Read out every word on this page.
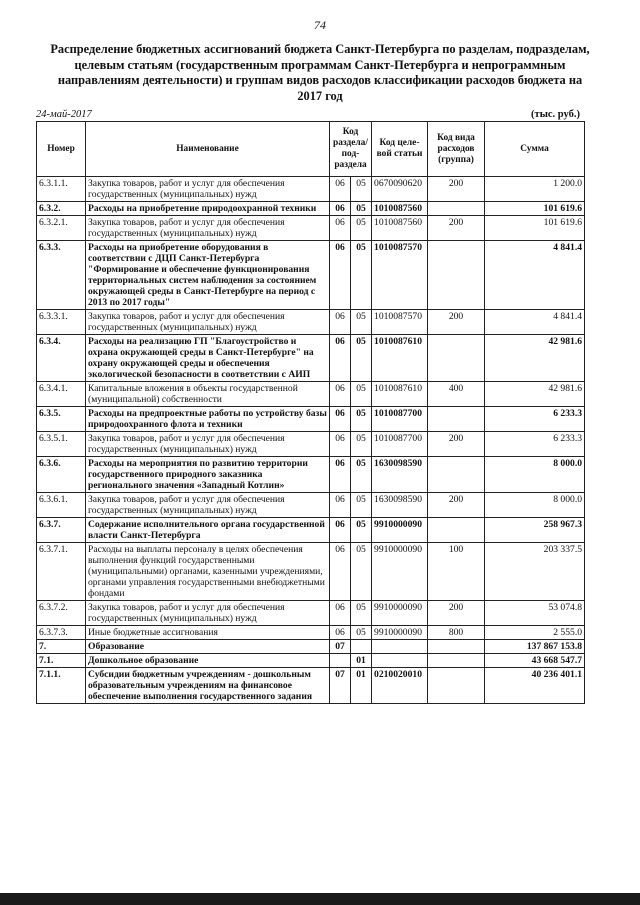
74
Распределение бюджетных ассигнований бюджета Санкт-Петербурга по разделам, подразделам, целевым статьям (государственным программам Санкт-Петербурга и непрограммным направлениям деятельности) и группам видов расходов классификации расходов бюджета на 2017 год
24-май-2017	(тыс. руб.)
Номер	Наименование	Код раздела/ под-раздела		Код целе-вой статьи	Код вида расходов (группа)	Сумма
6.3.1.1.	Закупка товаров, работ и услуг для обеспечения государственных (муниципальных) нужд	06	05	0670090620	200	1 200.0
6.3.2.	Расходы на приобретение природоохранной техники	06	05	1010087560		101 619.6
6.3.2.1.	Закупка товаров, работ и услуг для обеспечения государственных (муниципальных) нужд	06	05	1010087560	200	101 619.6
6.3.3.	Расходы на приобретение оборудования в соответствии с ДЦП Санкт-Петербурга "Формирование и обеспечение функционирования территориальных систем наблюдения за состоянием окружающей среды в Санкт-Петербурге на период с 2013 по 2017 годы"	06	05	1010087570		4 841.4
6.3.3.1.	Закупка товаров, работ и услуг для обеспечения государственных (муниципальных) нужд	06	05	1010087570	200	4 841.4
6.3.4.	Расходы на реализацию ГП "Благоустройство и охрана окружающей среды в Санкт-Петербурге" на охрану окружающей среды и обеспечения экологической безопасности в соответствии с АИП	06	05	1010087610		42 981.6
6.3.4.1.	Капитальные вложения в объекты государственной (муниципальной) собственности	06	05	1010087610	400	42 981.6
6.3.5.	Расходы на предпроектные работы по устройству базы природоохранного флота и техники	06	05	1010087700		6 233.3
6.3.5.1.	Закупка товаров, работ и услуг для обеспечения государственных (муниципальных) нужд	06	05	1010087700	200	6 233.3
6.3.6.	Расходы на мероприятия по развитию территории государственного природного заказника регионального значения «Западный Котлин»	06	05	1630098590		8 000.0
6.3.6.1.	Закупка товаров, работ и услуг для обеспечения государственных (муниципальных) нужд	06	05	1630098590	200	8 000.0
6.3.7.	Содержание исполнительного органа государственной власти Санкт-Петербурга	06	05	9910000090		258 967.3
6.3.7.1.	Расходы на выплаты персоналу в целях обеспечения выполнения функций государственными (муниципальными) органами, казенными учреждениями, органами управления государственными внебюджетными фондами	06	05	9910000090	100	203 337.5
6.3.7.2.	Закупка товаров, работ и услуг для обеспечения государственных (муниципальных) нужд	06	05	9910000090	200	53 074.8
6.3.7.3.	Иные бюджетные ассигнования	06	05	9910000090	800	2 555.0
7.	Образование	07				137 867 153.8
7.1.	Дошкольное образование		01			43 668 547.7
7.1.1.	Субсидии бюджетным учреждениям - дошкольным образовательным учреждениям на финансовое обеспечение выполнения государственного задания	07	01	0210020010		40 236 401.1
